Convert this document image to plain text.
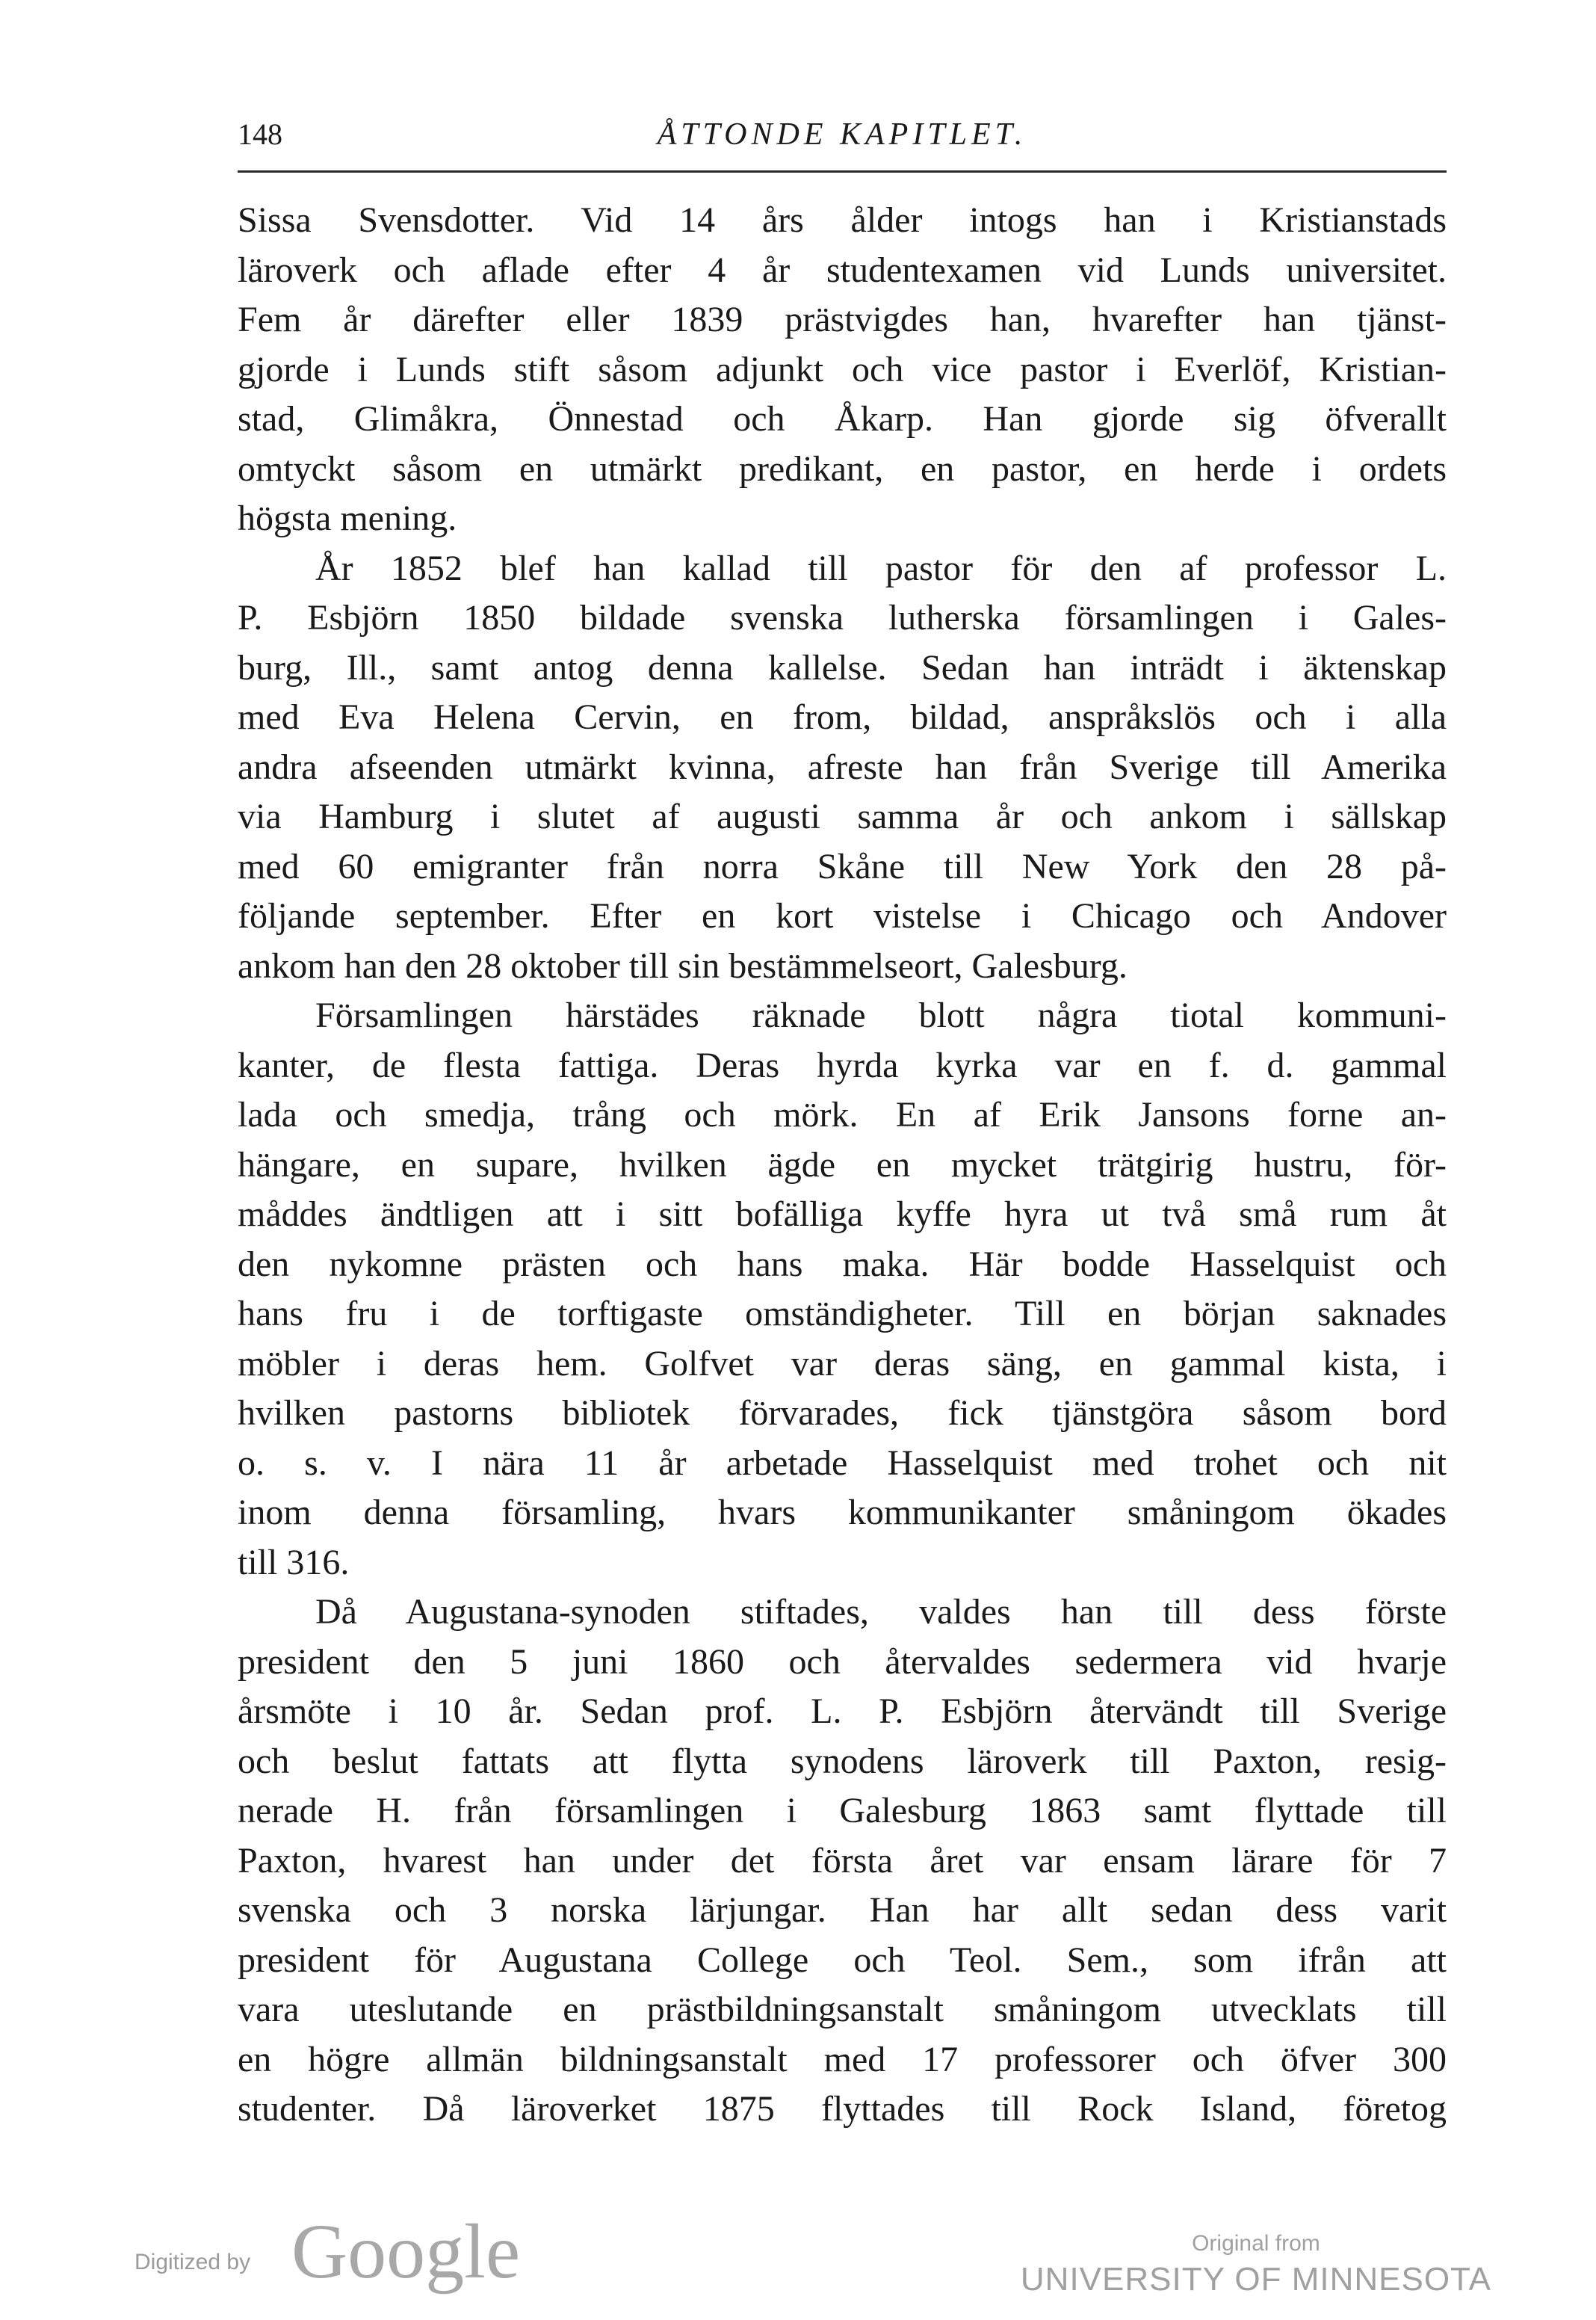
148	ÅTTONDE KAPITLET.
Sissa Svensdotter. Vid 14 års ålder intogs han i Kristianstads
läroverk och aflade efter 4 år studentexamen vid Lunds universitet.
Fem år därefter eller 1839 prästvigdes han, hvarefter han tjänst-
gjorde i Lunds stift såsom adjunkt och vice pastor i Everlöf, Kristian-
stad, Glimåkra, Önnestad och Åkarp. Han gjorde sig öfverallt
omtyckt såsom en utmärkt predikant, en pastor, en herde i ordets
högsta mening.
År 1852 blef han kallad till pastor för den af professor L.
P. Esbjörn 1850 bildade svenska lutherska församlingen i Gales-
burg, Ill., samt antog denna kallelse. Sedan han inträdt i äktenskap
med Eva Helena Cervin, en from, bildad, anspråkslös och i alla
andra afseenden utmärkt kvinna, afreste han från Sverige till Amerika
via Hamburg i slutet af augusti samma år och ankom i sällskap
med 60 emigranter från norra Skåne till New York den 28 på-
följande september. Efter en kort vistelse i Chicago och Andover
ankom han den 28 oktober till sin bestämmelseort, Galesburg.
Församlingen härstädes räknade blott några tiotal kommuni-
kanter, de flesta fattiga. Deras hyrda kyrka var en f. d. gammal
lada och smedja, trång och mörk. En af Erik Jansons forne an-
hängare, en supare, hvilken ägde en mycket trätgirig hustru, för-
måddes ändtligen att i sitt bofälliga kyffe hyra ut två små rum åt
den nykomne prästen och hans maka. Här bodde Hasselquist och
hans fru i de torftigaste omständigheter. Till en början saknades
möbler i deras hem. Golfvet var deras säng, en gammal kista, i
hvilken pastorns bibliotek förvarades, fick tjänstgöra såsom bord
o. s. v. I nära 11 år arbetade Hasselquist med trohet och nit
inom denna församling, hvars kommunikanter småningom ökades
till 316.
Då Augustana-synoden stiftades, valdes han till dess förste
president den 5 juni 1860 och återvaldes sedermera vid hvarje
årsmöte i 10 år. Sedan prof. L. P. Esbjörn återvändt till Sverige
och beslut fattats att flytta synodens läroverk till Paxton, resig-
nerade H. från församlingen i Galesburg 1863 samt flyttade till
Paxton, hvarest han under det första året var ensam lärare för 7
svenska och 3 norska lärjungar. Han har allt sedan dess varit
president för Augustana College och Teol. Sem., som ifrån att
vara uteslutande en prästbildningsanstalt småningom utvecklats till
en högre allmän bildningsanstalt med 17 professorer och öfver 300
studenter. Då läroverket 1875 flyttades till Rock Island, företog
Digitized by Google	Original from
UNIVERSITY OF MINNESOTA
